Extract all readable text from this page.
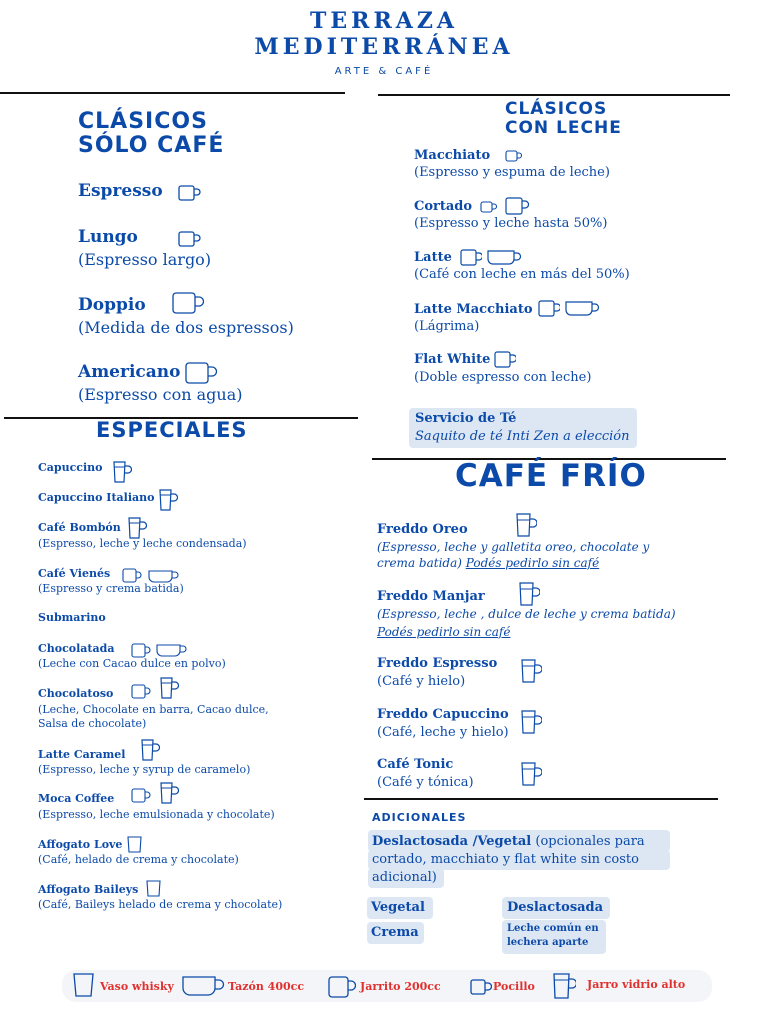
TERRAZA
MEDITERRÁNEA
ARTE & CAFÉ
CLÁSICOS
SÓLO CAFÉ
Espresso
Lungo
(Espresso largo)
Doppio
(Medida de dos espressos)
Americano
(Espresso con agua)
CLÁSICOS
CON LECHE
Macchiato
(Espresso y espuma de leche)
Cortado
(Espresso y leche hasta 50%)
Latte
(Café con leche en más del 50%)
Latte Macchiato
(Lágrima)
Flat White
(Doble espresso con leche)
Servicio de Té
Saquito de té Inti Zen a elección
ESPECIALES
Capuccino
Capuccino Italiano
Café Bombón
(Espresso, leche y leche condensada)
Café Vienés
(Espresso y crema batida)
Submarino
Chocolatada
(Leche con Cacao dulce en polvo)
Chocolatoso
(Leche, Chocolate en barra, Cacao dulce,
Salsa de chocolate)
Latte Caramel
(Espresso, leche y syrup de caramelo)
Moca Coffee
(Espresso, leche emulsionada y chocolate)
Affogato Love
(Café, helado de crema y chocolate)
Affogato Baileys
(Café, Baileys helado de crema y chocolate)
CAFÉ FRÍO
Freddo Oreo
(Espresso, leche y galletita oreo, chocolate y
crema batida) Podés pedirlo sin café
Freddo Manjar
(Espresso, leche , dulce de leche y crema batida)
Podés pedirlo sin café
Freddo Espresso
(Café y hielo)
Freddo Capuccino
(Café, leche y hielo)
Café Tonic
(Café y tónica)
ADICIONALES
Deslactosada /Vegetal (opcionales para
cortado, macchiato y flat white sin costo
adicional)
Vegetal	Deslactosada
Crema	Leche común en
lechera aparte
Vaso whisky	Tazón 400cc	Jarrito 200cc	Pocillo	Jarro vidrio alto
